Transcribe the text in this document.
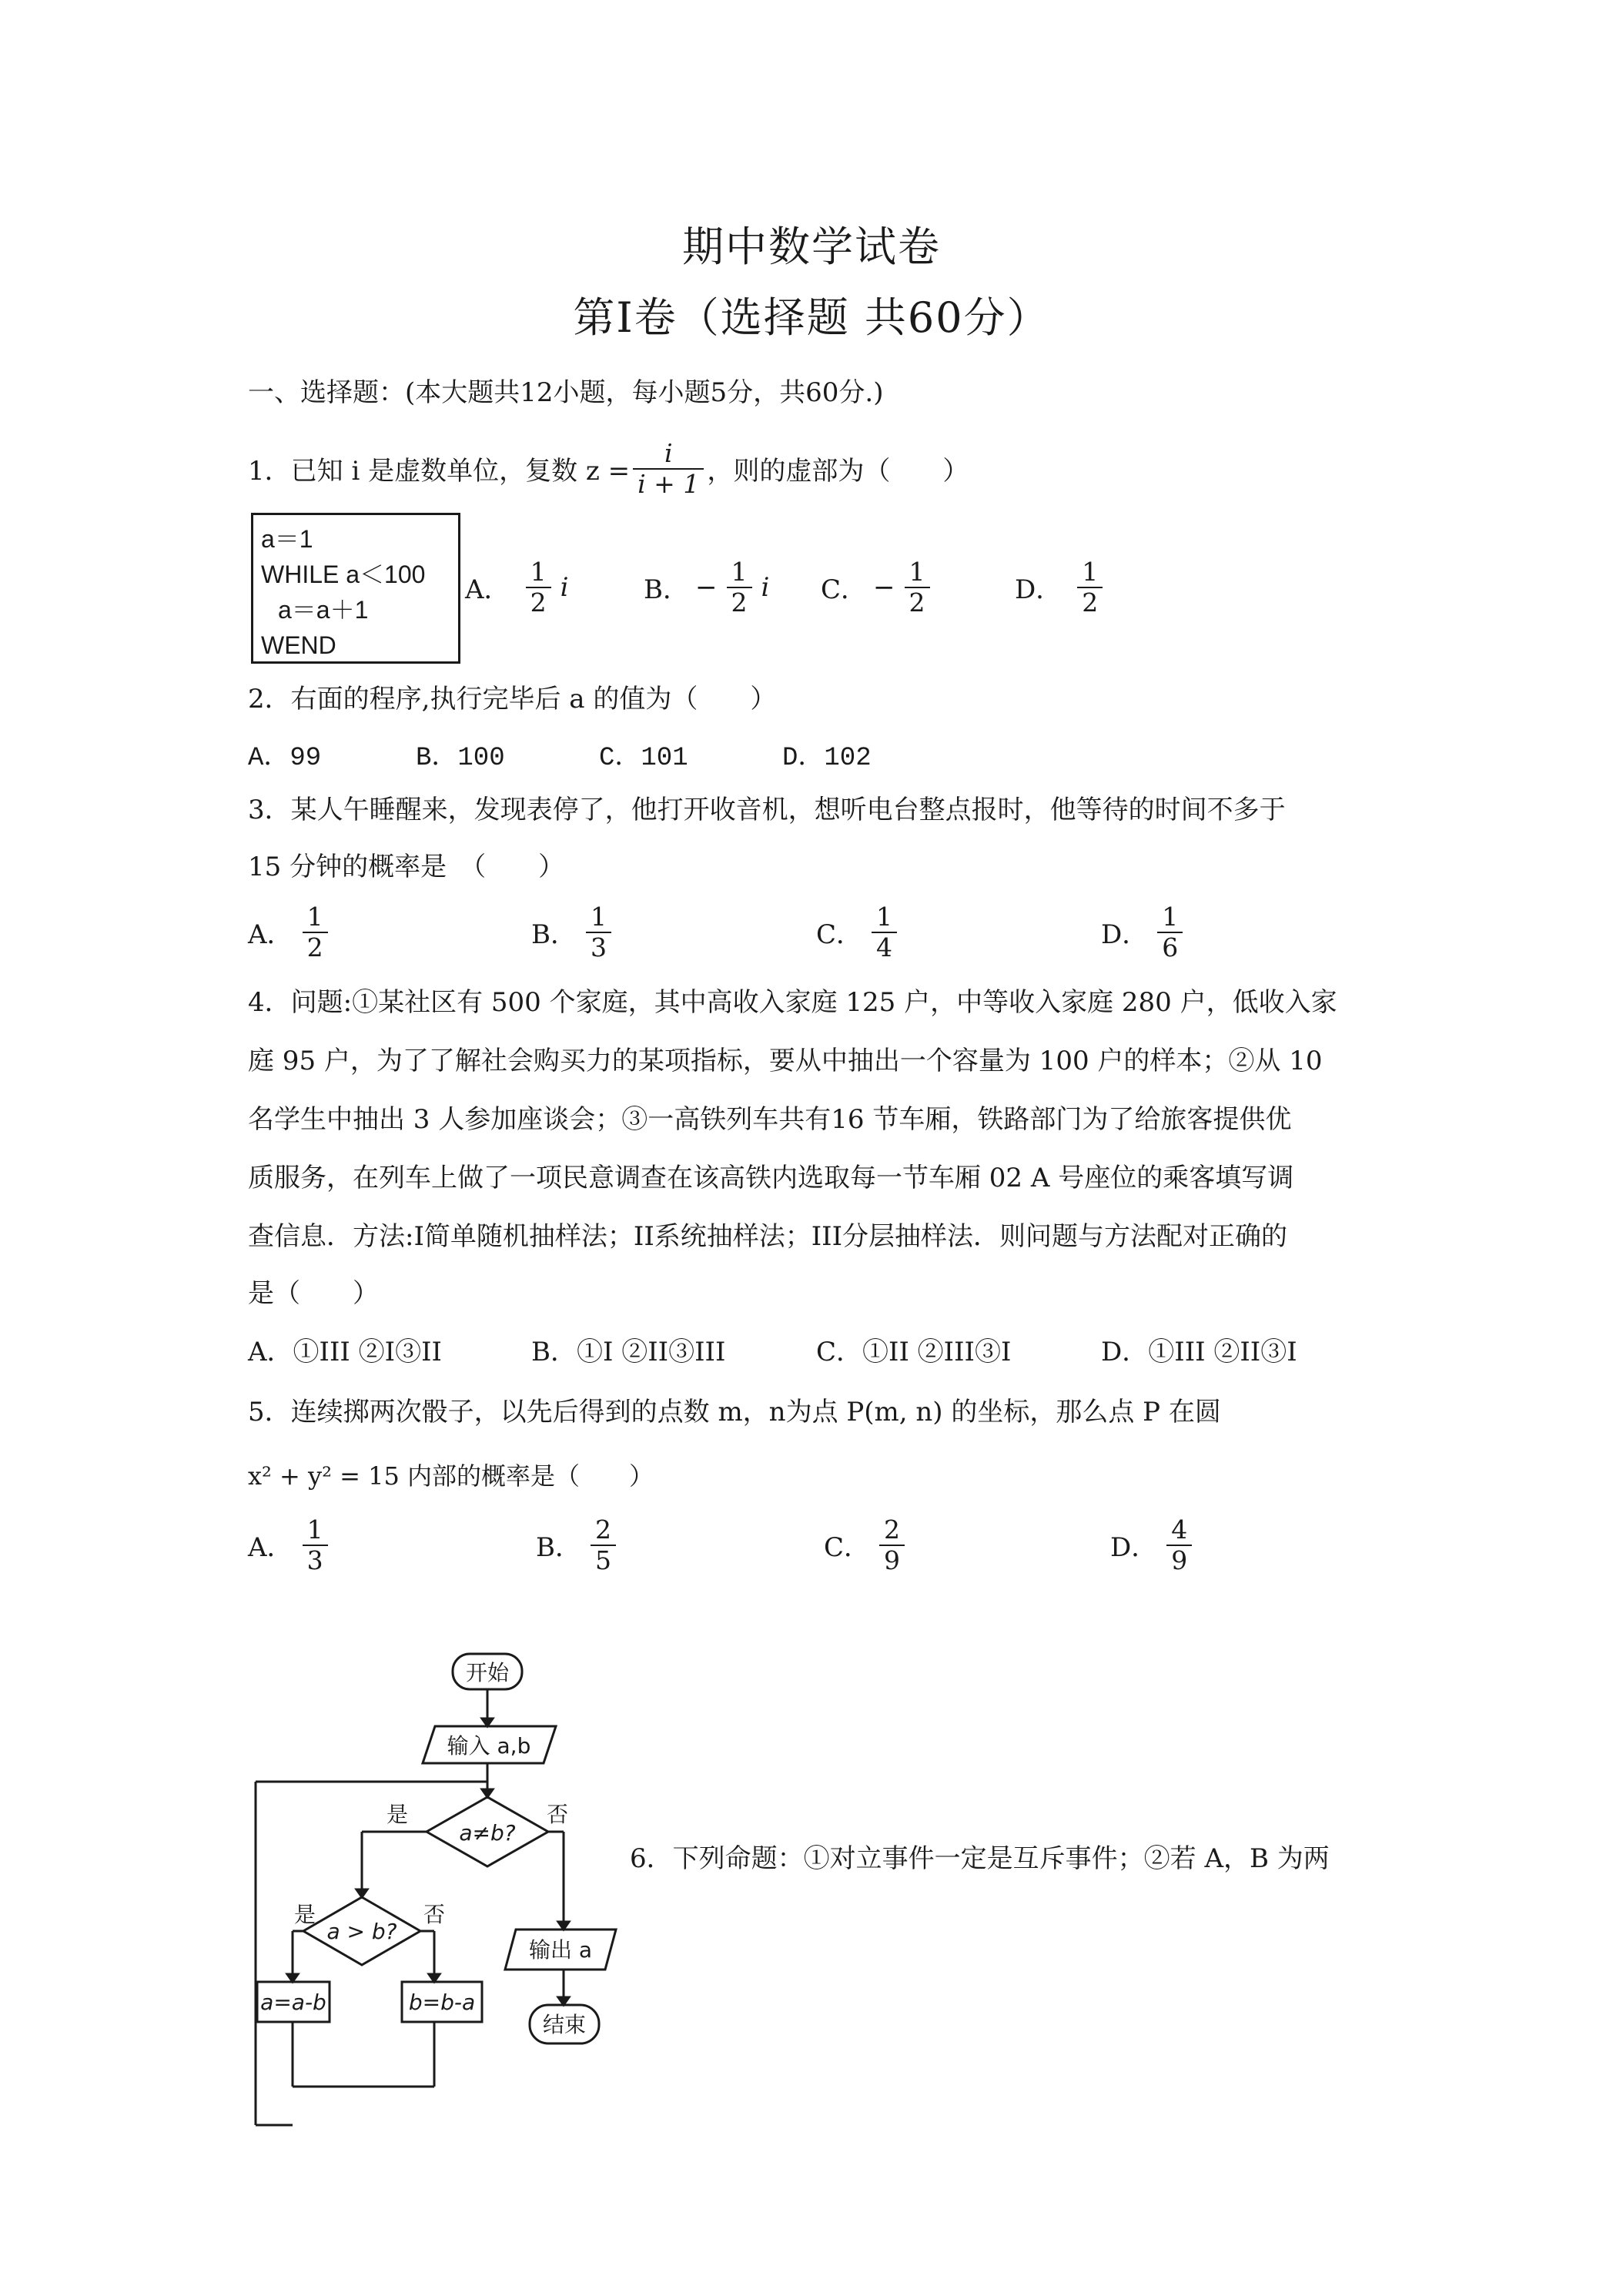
期中数学试卷
第Ⅰ卷（选择题 共60分）
一、选择题：(本大题共12小题，每小题5分，共60分.)
1．已知 i 是虚数单位，复数 $z = \frac{i}{i + 1}$ ，则的虚部为（　　）
a＝1
WHILE a＜100
a＝a＋1
WEND
A． $\frac{1}{2}$ i	B． − $\frac{1}{2}$ i C． − $\frac{1}{2}$	D． $\frac{1}{2}$
2．右面的程序,执行完毕后 a 的值为（　　）
A．99	B．100	C．101	D．102
3．某人午睡醒来，发现表停了，他打开收音机，想听电台整点报时，他等待的时间不多于
15 分钟的概率是　（　　）
A． $\frac{1}{2}$	B． $\frac{1}{3}$	C． $\frac{1}{4}$	D． $\frac{1}{6}$
4．问题:①某社区有 500 个家庭，其中高收入家庭 125 户，中等收入家庭 280 户，低收入家
庭 95 户，为了了解社会购买力的某项指标，要从中抽出一个容量为 100 户的样本；②从 10
名学生中抽出 3 人参加座谈会；③一高铁列车共有16 节车厢，铁路部门为了给旅客提供优
质服务，在列车上做了一项民意调查在该高铁内选取每一节车厢 02 A 号座位的乘客填写调
查信息．方法:I简单随机抽样法；II系统抽样法；III分层抽样法．则问题与方法配对正确的
是（　　）
A．①III ②I③II	B．①I ②II③III	C．①II ②III③I	D．①III ②II③I
5．连续掷两次骰子，以先后得到的点数 m，n为点 P(m, n) 的坐标，那么点 P 在圆
x² + y² = 15 内部的概率是（　　）
A． $\frac{1}{3}$	B． $\frac{2}{5}$	C． $\frac{2}{9}$	D． $\frac{4}{9}$
开始
输入 a,b
a≠b?
是	否
a > b?
是	否
a=a-b	b=b-a
输出 a
结束
6．下列命题：①对立事件一定是互斥事件；②若 A，B 为两
